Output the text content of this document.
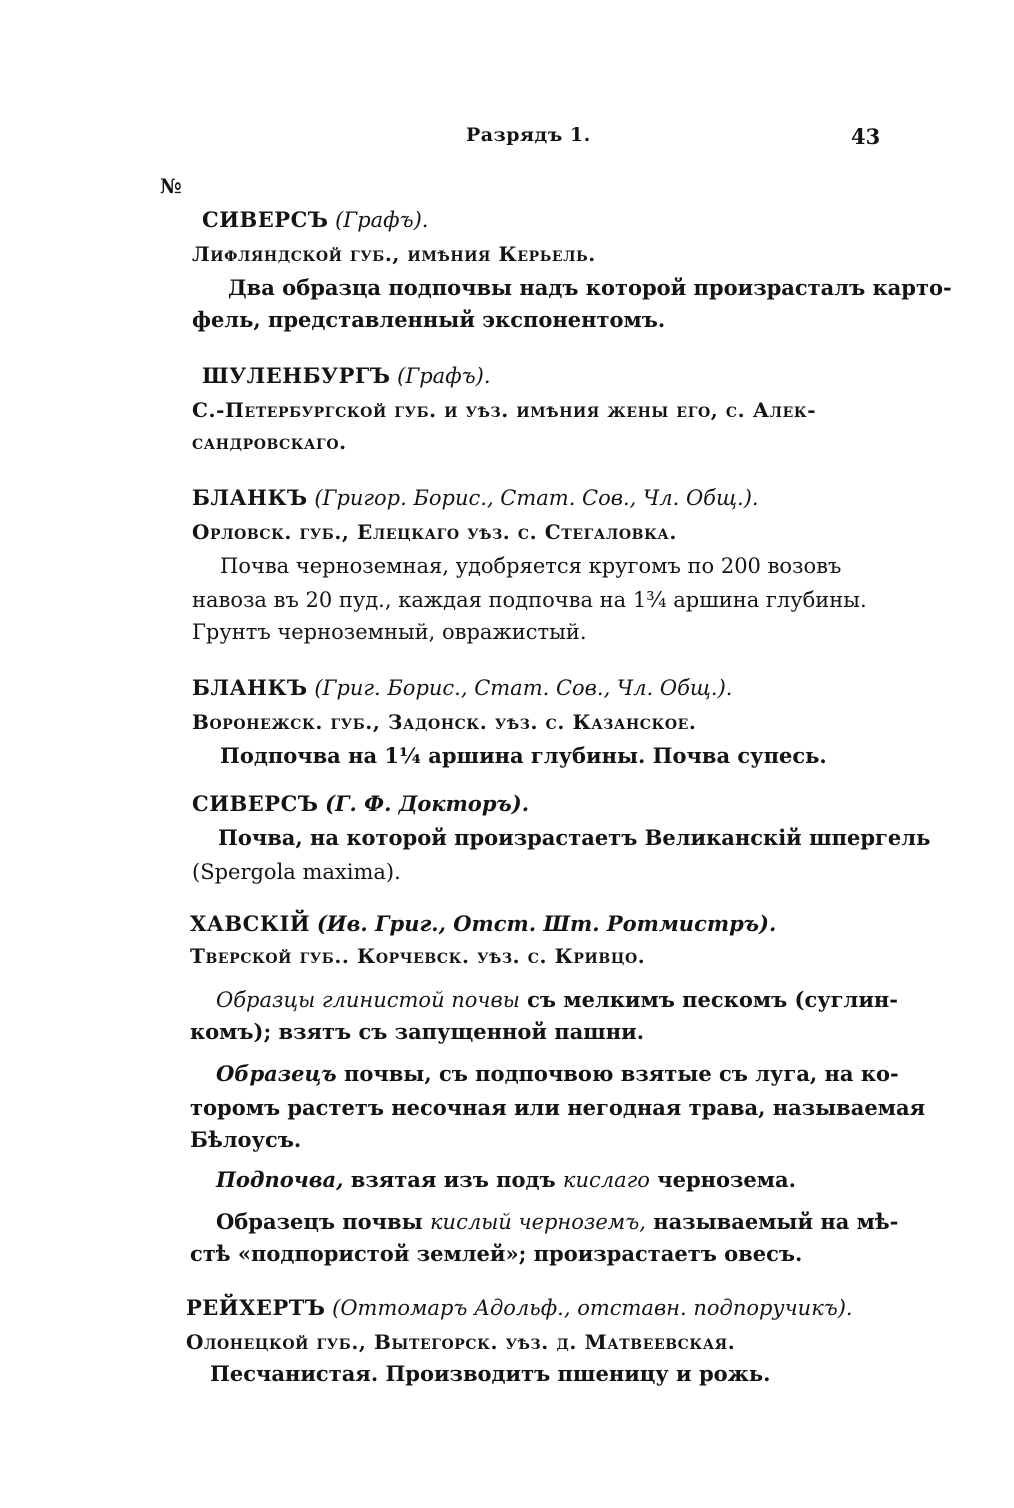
Разрядъ 1.	43
№
СИВЕРСЪ (Графъ).
Лифляндской губ., имѣния Керьель.
Два образца подпочвы надъ которой произрасталъ карто-
фель, представленный экспонентомъ.
ШУЛЕНБУРГЪ (Графъ).
С.-Петербургской губ. и уѣз. имѣния жены его, с. Алек-
сандровскаго.
БЛАНКЪ (Григор. Борис., Стат. Сов., Чл. Общ.).
Орловск. губ., Елецкаго уѣз. с. Стегаловка.
Почва черноземная, удобряется кругомъ по 200 возовъ
навоза въ 20 пуд., каждая подпочва на 1¾ аршина глубины.
Грунтъ черноземный, овражистый.
БЛАНКЪ (Григ. Борис., Стат. Сов., Чл. Общ.).
Воронежск. губ., Задонск. уѣз. с. Казанское.
Подпочва на 1¼ аршина глубины. Почва супесь.
СИВЕРСЪ (Г. Ф. Докторъ).
Почва, на которой произрастаетъ Великанскій шпергель
(Spergola maxima).
ХАВСКІЙ (Ив. Григ., Отст. Шт. Ротмистръ).
Тверской губ.. Корчевск. уѣз. с. Кривцо.
Образцы глинистой почвы съ мелкимъ пескомъ (суглин-
комъ); взятъ съ запущенной пашни.
Образецъ почвы, съ подпочвою взятые съ луга, на ко-
торомъ растетъ несочная или негодная трава, называемая
Бѣлоусъ.
Подпочва, взятая изъ подъ кислаго чернозема.
Образецъ почвы кислый черноземъ, называемый на мѣ-
стѣ «подпористой землей»; произрастаетъ овесъ.
РЕЙХЕРТЪ (Оттомаръ Адольф., отставн. подпоручикъ).
Олонецкой губ., Вытегорск. уѣз. д. Матвеевская.
Песчанистая. Производитъ пшеницу и рожь.
